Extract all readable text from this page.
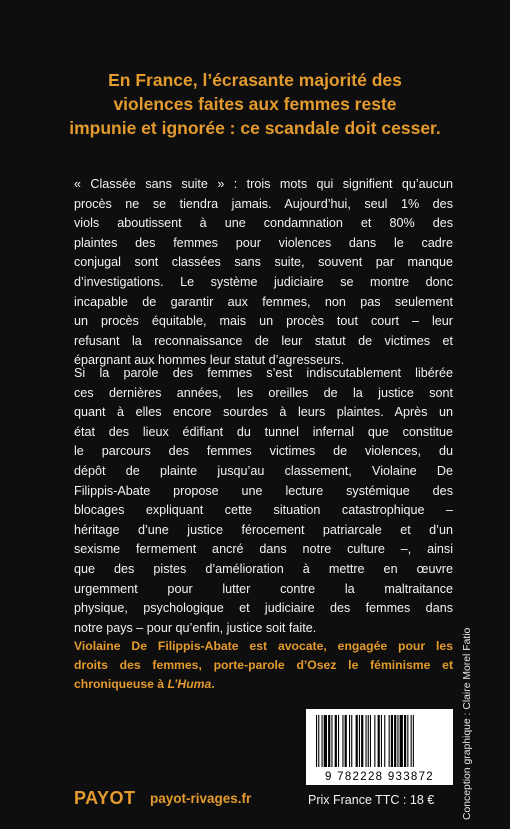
En France, l’écrasante majorité des
violences faites aux femmes reste
impunie et ignorée : ce scandale doit cesser.
« Classée sans suite » : trois mots qui signifient qu’aucun
procès ne se tiendra jamais. Aujourd’hui, seul 1% des
viols aboutissent à une condamnation et 80% des
plaintes des femmes pour violences dans le cadre
conjugal sont classées sans suite, souvent par manque
d’investigations. Le système judiciaire se montre donc
incapable de garantir aux femmes, non pas seulement
un procès équitable, mais un procès tout court – leur
refusant la reconnaissance de leur statut de victimes et
épargnant aux hommes leur statut d’agresseurs.
Si la parole des femmes s’est indiscutablement libérée
ces dernières années, les oreilles de la justice sont
quant à elles encore sourdes à leurs plaintes. Après un
état des lieux édifiant du tunnel infernal que constitue
le parcours des femmes victimes de violences, du
dépôt de plainte jusqu’au classement, Violaine De
Filippis-Abate propose une lecture systémique des
blocages expliquant cette situation catastrophique –
héritage d’une justice férocement patriarcale et d’un
sexisme fermement ancré dans notre culture –, ainsi
que des pistes d’amélioration à mettre en œuvre
urgemment pour lutter contre la maltraitance
physique, psychologique et judiciaire des femmes dans
notre pays – pour qu’enfin, justice soit faite.
Violaine De Filippis-Abate est avocate, engagée pour les
droits des femmes, porte-parole d’Osez le féminisme et
chroniqueuse à L’Huma.	Conception graphique : Claire Morel Fatio
9 782228 933872
Prix France TTC : 18 €
PAYOT payot-rivages.fr
